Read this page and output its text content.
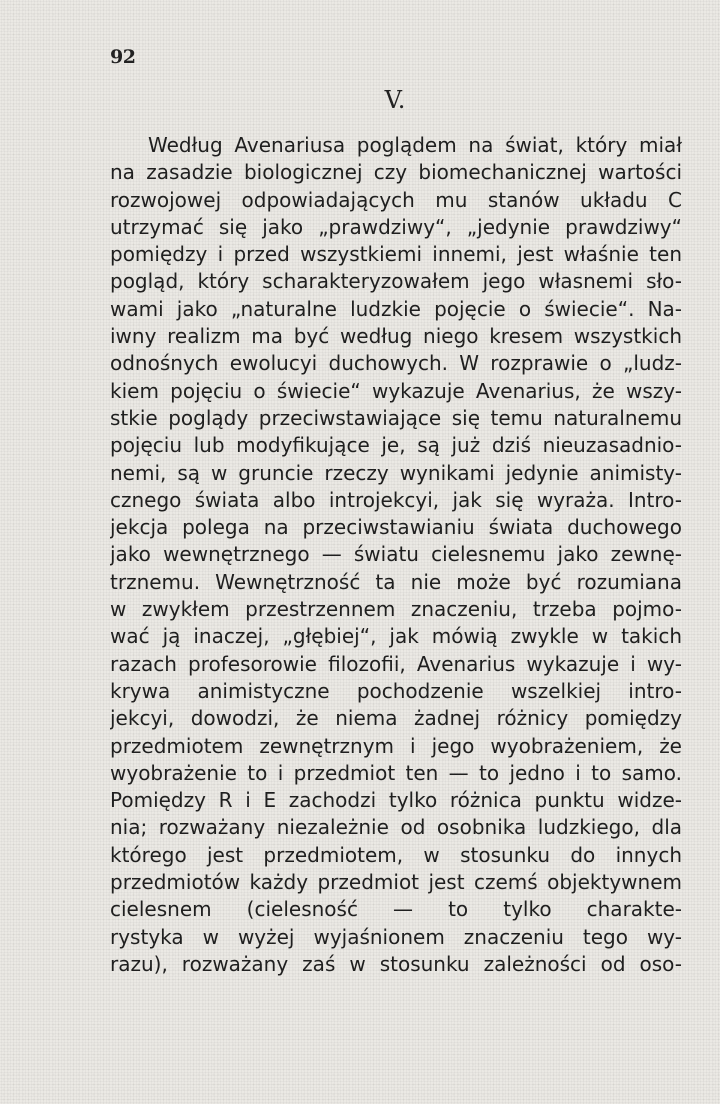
92
V.
Według Avenariusa poglądem na świat, który miał
na zasadzie biologicznej czy biomechanicznej wartości
rozwojowej odpowiadających mu stanów układu C
utrzymać się jako „prawdziwy“, „jedynie prawdziwy“
pomiędzy i przed wszystkiemi innemi, jest właśnie ten
pogląd, który scharakteryzowałem jego własnemi sło-
wami jako „naturalne ludzkie pojęcie o świecie“. Na-
iwny realizm ma być według niego kresem wszystkich
odnośnych ewolucyi duchowych. W rozprawie o „ludz-
kiem pojęciu o świecie“ wykazuje Avenarius, że wszy-
stkie poglądy przeciwstawiające się temu naturalnemu
pojęciu lub modyfikujące je, są już dziś nieuzasadnio-
nemi, są w gruncie rzeczy wynikami jedynie animisty-
cznego świata albo introjekcyi, jak się wyraża. Intro-
jekcja polega na przeciwstawianiu świata duchowego
jako wewnętrznego — światu cielesnemu jako zewnę-
trznemu. Wewnętrzność ta nie może być rozumiana
w zwykłem przestrzennem znaczeniu, trzeba pojmo-
wać ją inaczej, „głębiej“, jak mówią zwykle w takich
razach profesorowie filozofii, Avenarius wykazuje i wy-
krywa animistyczne pochodzenie wszelkiej intro-
jekcyi, dowodzi, że niema żadnej różnicy pomiędzy
przedmiotem zewnętrznym i jego wyobrażeniem, że
wyobrażenie to i przedmiot ten — to jedno i to samo.
Pomiędzy R i E zachodzi tylko różnica punktu widze-
nia; rozważany niezależnie od osobnika ludzkiego, dla
którego jest przedmiotem, w stosunku do innych
przedmiotów każdy przedmiot jest czemś objektywnem
cielesnem (cielesność — to tylko charakte-
rystyka w wyżej wyjaśnionem znaczeniu tego wy-
razu), rozważany zaś w stosunku zależności od oso-
